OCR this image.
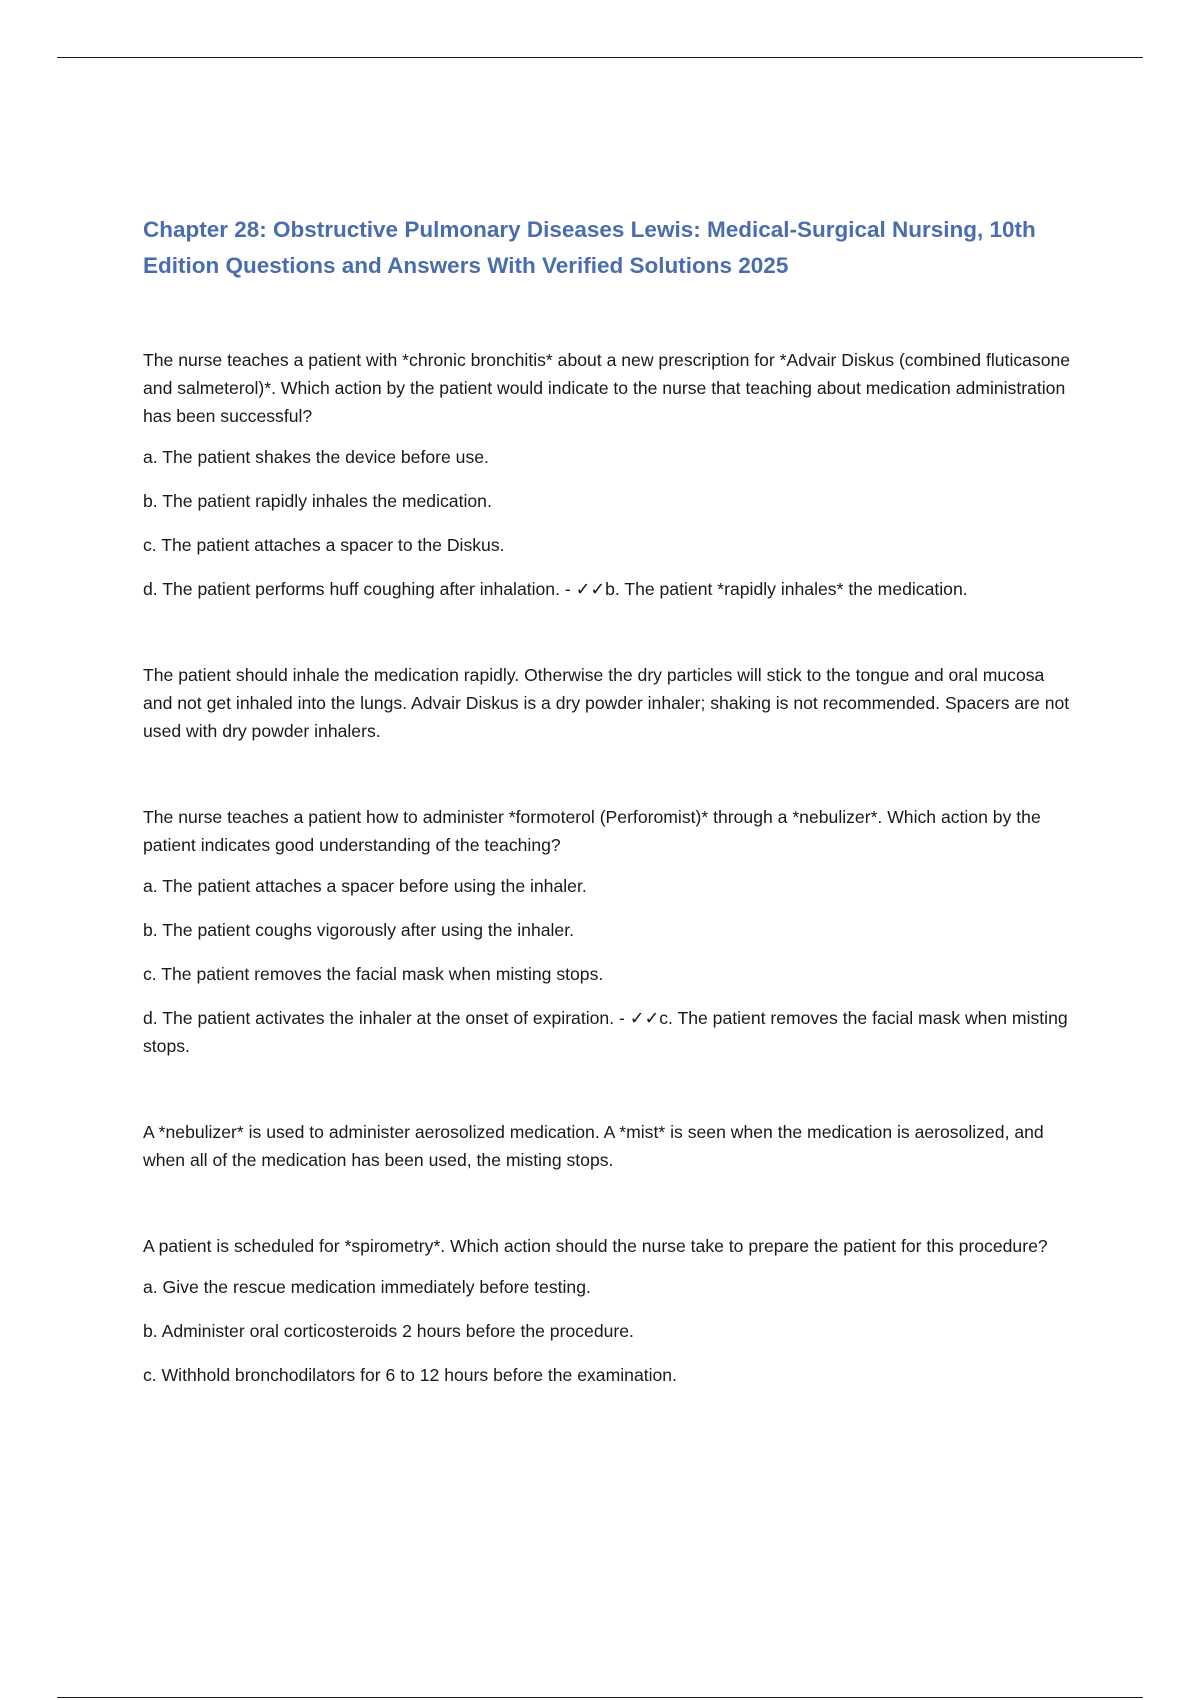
Chapter 28: Obstructive Pulmonary Diseases Lewis: Medical-Surgical Nursing, 10th Edition Questions and Answers With Verified Solutions 2025

The nurse teaches a patient with *chronic bronchitis* about a new prescription for *Advair Diskus (combined fluticasone and salmeterol)*. Which action by the patient would indicate to the nurse that teaching about medication administration has been successful?

a. The patient shakes the device before use.

b. The patient rapidly inhales the medication.

c. The patient attaches a spacer to the Diskus.

d. The patient performs huff coughing after inhalation. - ✓✓b. The patient *rapidly inhales* the medication.

The patient should inhale the medication rapidly. Otherwise the dry particles will stick to the tongue and oral mucosa and not get inhaled into the lungs. Advair Diskus is a dry powder inhaler; shaking is not recommended. Spacers are not used with dry powder inhalers.

The nurse teaches a patient how to administer *formoterol (Perforomist)* through a *nebulizer*. Which action by the patient indicates good understanding of the teaching?

a. The patient attaches a spacer before using the inhaler.

b. The patient coughs vigorously after using the inhaler.

c. The patient removes the facial mask when misting stops.

d. The patient activates the inhaler at the onset of expiration. - ✓✓c. The patient removes the facial mask when misting stops.

A *nebulizer* is used to administer aerosolized medication. A *mist* is seen when the medication is aerosolized, and when all of the medication has been used, the misting stops.

A patient is scheduled for *spirometry*. Which action should the nurse take to prepare the patient for this procedure?

a. Give the rescue medication immediately before testing.

b. Administer oral corticosteroids 2 hours before the procedure.

c. Withhold bronchodilators for 6 to 12 hours before the examination.
